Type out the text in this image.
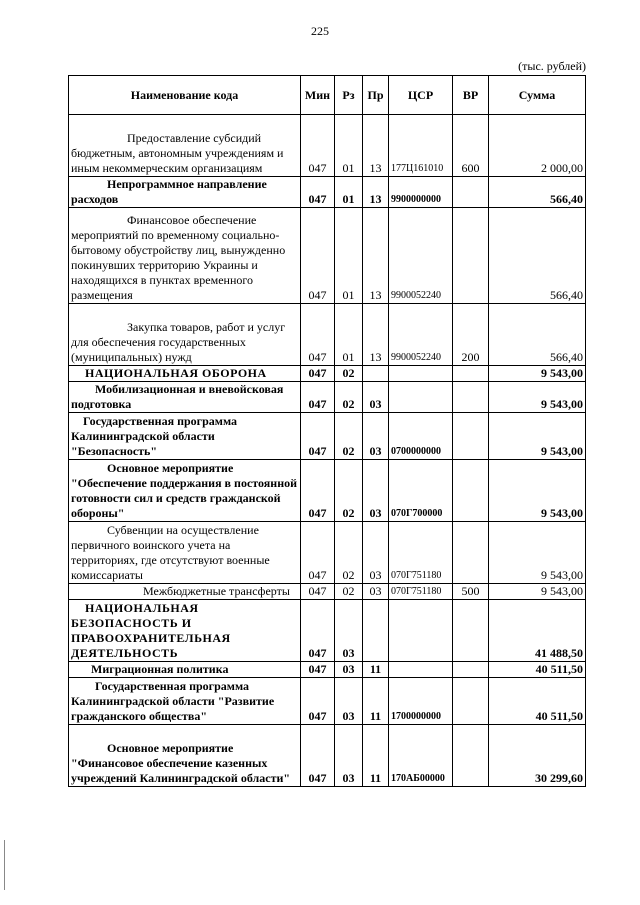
225
(тыс. рублей)
Наименование кода	Мин	Рз	Пр	ЦСР	ВР	Сумма

Предоставление субсидий бюджетным, автономным учреждениям и иным некоммерческим организациям	047	01	13	177Ц161010	600	2 000,00

Непрограммное направление расходов	047	01	13	9900000000		566,40

Финансовое обеспечение мероприятий по временному социально-бытовому обустройству лиц, вынужденно покинувших территорию Украины и находящихся в пунктах временного размещения	047	01	13	9900052240		566,40

Закупка товаров, работ и услуг для обеспечения государственных (муниципальных) нужд	047	01	13	9900052240	200	566,40

НАЦИОНАЛЬНАЯ ОБОРОНА	047	02				9 543,00

Мобилизационная и вневойсковая подготовка	047	02	03			9 543,00

Государственная программа Калининградской области "Безопасность"	047	02	03	0700000000		9 543,00

Основное мероприятие "Обеспечение поддержания в постоянной готовности сил и средств гражданской обороны"	047	02	03	070Г700000		9 543,00

Субвенции на осуществление первичного воинского учета на территориях, где отсутствуют военные комиссариаты	047	02	03	070Г751180		9 543,00

Межбюджетные трансферты	047	02	03	070Г751180	500	9 543,00

НАЦИОНАЛЬНАЯ БЕЗОПАСНОСТЬ И ПРАВООХРАНИТЕЛЬНАЯ ДЕЯТЕЛЬНОСТЬ	047	03				41 488,50

Миграционная политика	047	03	11			40 511,50

Государственная программа Калининградской области "Развитие гражданского общества"	047	03	11	1700000000		40 511,50

Основное мероприятие "Финансовое обеспечение казенных учреждений Калининградской области"	047	03	11	170АБ00000		30 299,60
